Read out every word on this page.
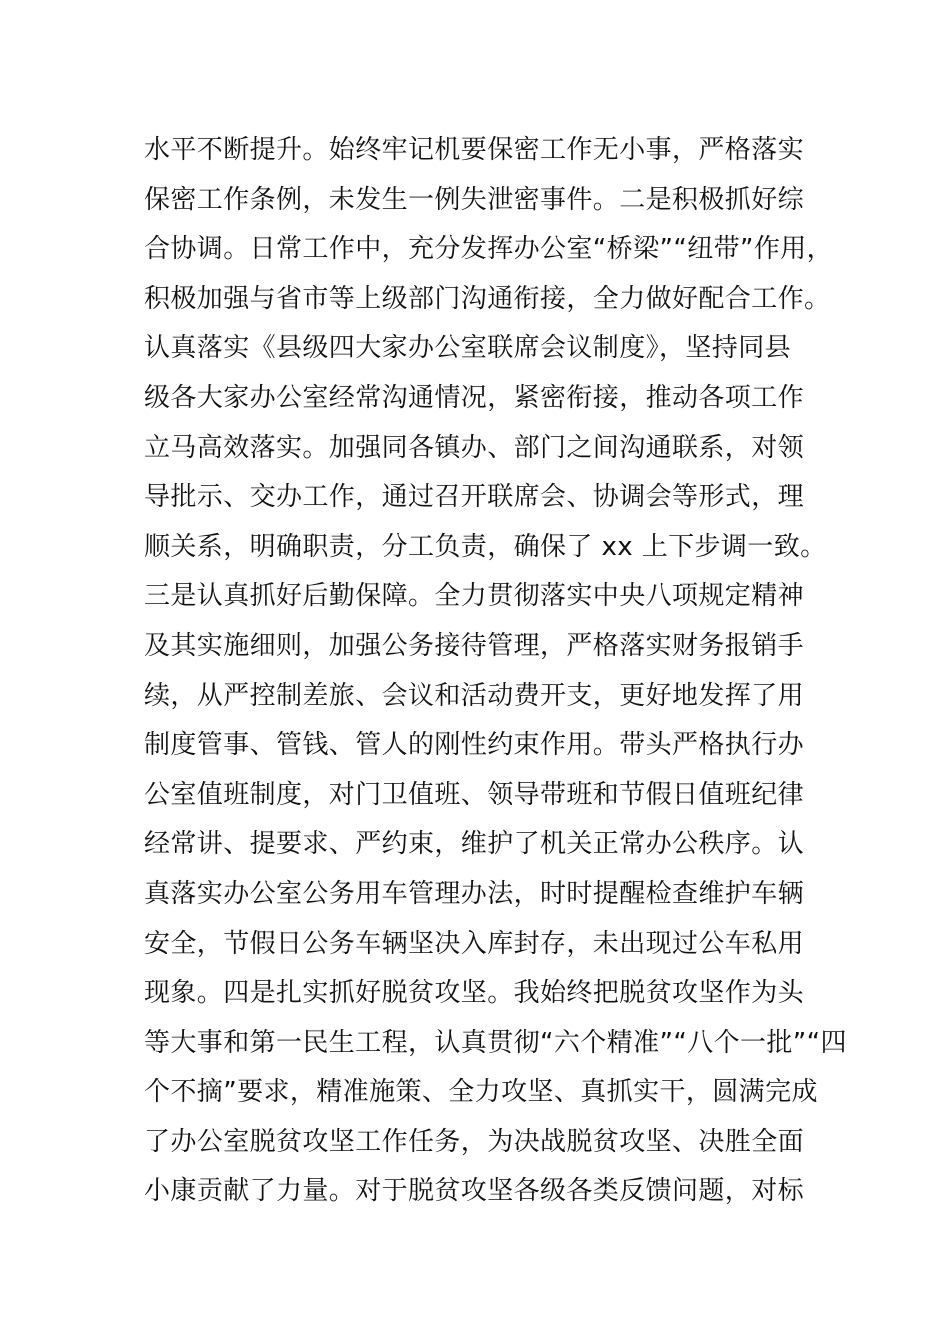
水平不断提升。始终牢记机要保密工作无小事，严格落实
保密工作条例，未发生一例失泄密事件。二是积极抓好综
合协调。日常工作中，充分发挥办公室“桥梁”“纽带”作用，
积极加强与省市等上级部门沟通衔接，全力做好配合工作。
认真落实《县级四大家办公室联席会议制度》，坚持同县
级各大家办公室经常沟通情况，紧密衔接，推动各项工作
立马高效落实。加强同各镇办、部门之间沟通联系，对领
导批示、交办工作，通过召开联席会、协调会等形式，理
顺关系，明确职责，分工负责，确保了 xx 上下步调一致。
三是认真抓好后勤保障。全力贯彻落实中央八项规定精神
及其实施细则，加强公务接待管理，严格落实财务报销手
续，从严控制差旅、会议和活动费开支，更好地发挥了用
制度管事、管钱、管人的刚性约束作用。带头严格执行办
公室值班制度，对门卫值班、领导带班和节假日值班纪律
经常讲、提要求、严约束，维护了机关正常办公秩序。认
真落实办公室公务用车管理办法，时时提醒检查维护车辆
安全，节假日公务车辆坚决入库封存，未出现过公车私用
现象。四是扎实抓好脱贫攻坚。我始终把脱贫攻坚作为头
等大事和第一民生工程，认真贯彻“六个精准”“八个一批”“四
个不摘”要求，精准施策、全力攻坚、真抓实干，圆满完成
了办公室脱贫攻坚工作任务，为决战脱贫攻坚、决胜全面
小康贡献了力量。对于脱贫攻坚各级各类反馈问题，对标
